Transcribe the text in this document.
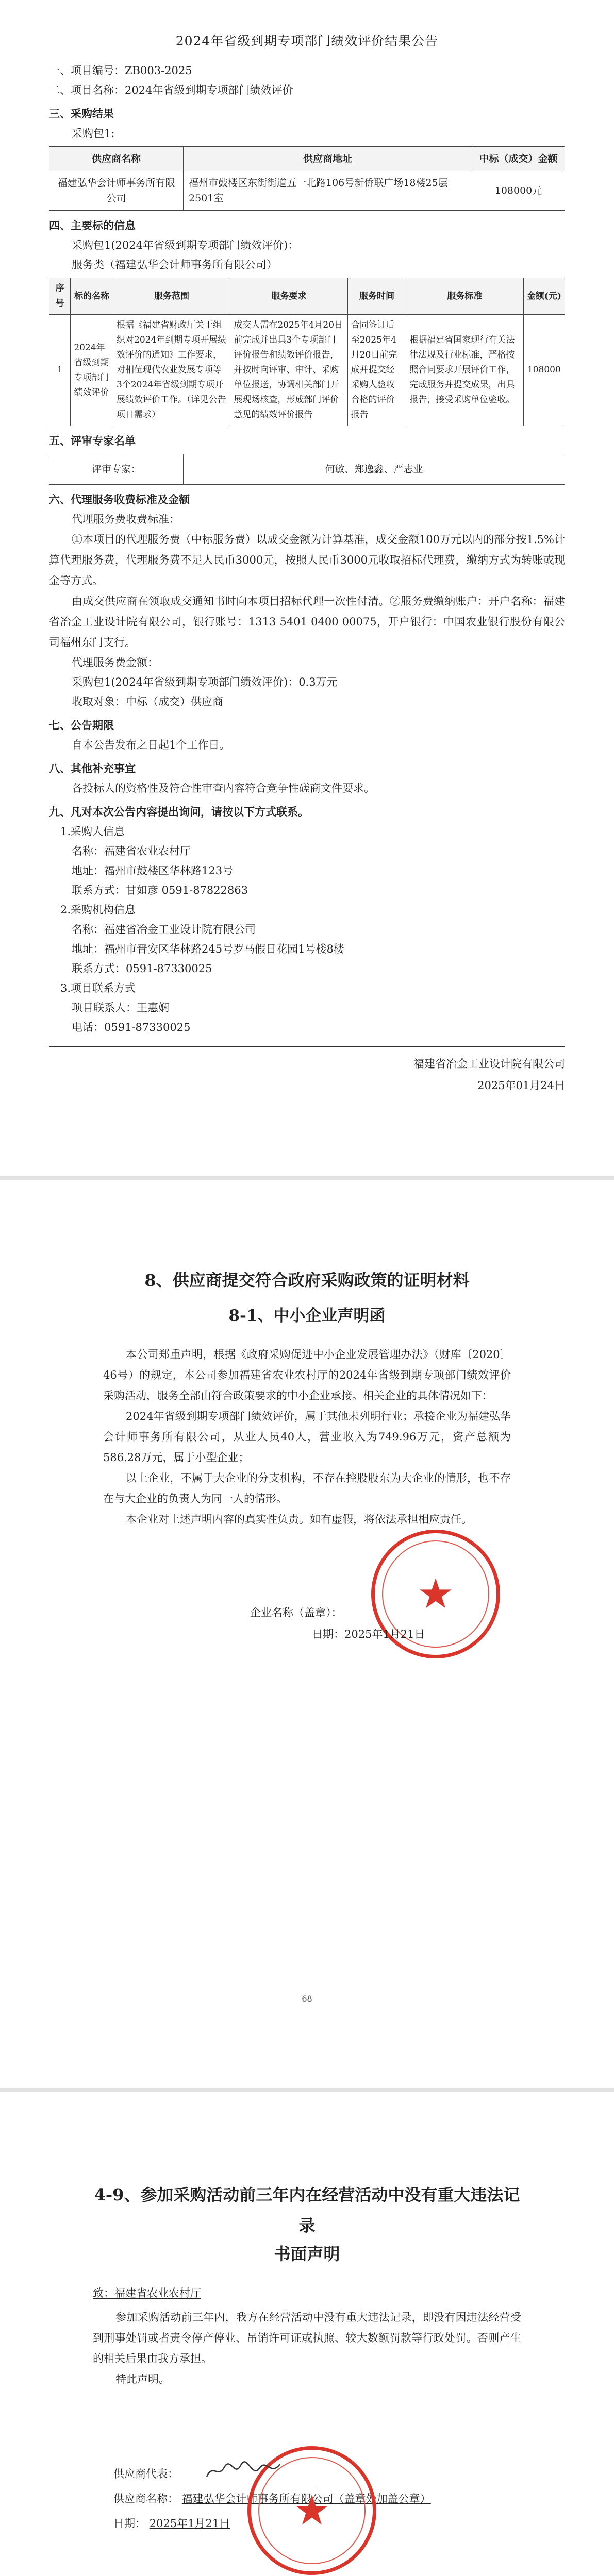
2024年省级到期专项部门绩效评价结果公告
一、项目编号：ZB003-2025
二、项目名称：2024年省级到期专项部门绩效评价
三、采购结果
采购包1:
供应商名称	供应商地址	中标（成交）金额
福建弘华会计师事务所有限公司	福州市鼓楼区东街街道五一北路106号新侨联广场18楼25层2501室	108000元
四、主要标的信息
采购包1(2024年省级到期专项部门绩效评价)：
服务类（福建弘华会计师事务所有限公司）
序号	标的名称	服务范围	服务要求	服务时间	服务标准	金额(元)
1	2024年省级到期专项部门绩效评价	根据《福建省财政厅关于组织对2024年到期专项开展绩效评价的通知》工作要求，对相伍现代农业发展专项等3个2024年省级到期专项开展绩效评价工作。（详见公告项目需求）	成交人需在2025年4月20日前完成并出具3个专项部门评价报告和绩效评价报告，并按时向评审、审计、采购单位报送，协调相关部门开展现场核查，形成部门评价意见的绩效评价报告	合同签订后至2025年4月20日前完成并提交经采购人验收合格的评价报告	根据福建省国家现行有关法律法规及行业标准，严格按照合同要求开展评价工作，完成服务并提交成果，出具报告，接受采购单位验收。	108000
五、评审专家名单
评审专家：	何敏、郑逸鑫、严志业
六、代理服务收费标准及金额
代理服务费收费标准：
①本项目的代理服务费（中标服务费）以成交金额为计算基准，成交金额100万元以内的部分按1.5%计算代理服务费，代理服务费不足人民币3000元，按照人民币3000元收取招标代理费，缴纳方式为转账或现金等方式。
由成交供应商在领取成交通知书时向本项目招标代理一次性付清。②服务费缴纳账户：开户名称：福建省冶金工业设计院有限公司，银行账号：1313 5401 0400 00075，开户银行：中国农业银行股份有限公司福州东门支行。
代理服务费金额：
采购包1(2024年省级到期专项部门绩效评价)：0.3万元
收取对象：中标（成交）供应商
七、公告期限
自本公告发布之日起1个工作日。
八、其他补充事宜
各投标人的资格性及符合性审查内容符合竞争性磋商文件要求。
九、凡对本次公告内容提出询问，请按以下方式联系。
1.采购人信息
名称：福建省农业农村厅
地址：福州市鼓楼区华林路123号
联系方式：甘如彦 0591-87822863
2.采购机构信息
名称：福建省冶金工业设计院有限公司
地址：福州市晋安区华林路245号罗马假日花园1号楼8楼
联系方式：0591-87330025
3.项目联系方式
项目联系人：王惠娴
电话：0591-87330025
福建省冶金工业设计院有限公司
2025年01月24日
8、供应商提交符合政府采购政策的证明材料
8-1、中小企业声明函
本公司郑重声明，根据《政府采购促进中小企业发展管理办法》（财库〔2020〕46号）的规定，本公司参加福建省农业农村厅的2024年省级到期专项部门绩效评价采购活动，服务全部由符合政策要求的中小企业承接。相关企业的具体情况如下：
2024年省级到期专项部门绩效评价，属于其他未列明行业；承接企业为福建弘华会计师事务所有限公司，从业人员40人，营业收入为749.96万元，资产总额为586.28万元，属于小型企业；
以上企业，不属于大企业的分支机构，不存在控股股东为大企业的情形，也不存在与大企业的负责人为同一人的情形。
本企业对上述声明内容的真实性负责。如有虚假，将依法承担相应责任。
★
企业名称（盖章）：
日期：2025年1月21日
68
4-9、参加采购活动前三年内在经营活动中没有重大违法记录
书面声明
致：福建省农业农村厅
参加采购活动前三年内，我方在经营活动中没有重大违法记录，即没有因违法经营受到刑事处罚或者责令停产停业、吊销许可证或执照、较大数额罚款等行政处罚。否则产生的相关后果由我方承担。
特此声明。
★
供应商代表：
供应商名称： 福建弘华会计师事务所有限公司（盖章处加盖公章）
日期： 2025年1月21日
